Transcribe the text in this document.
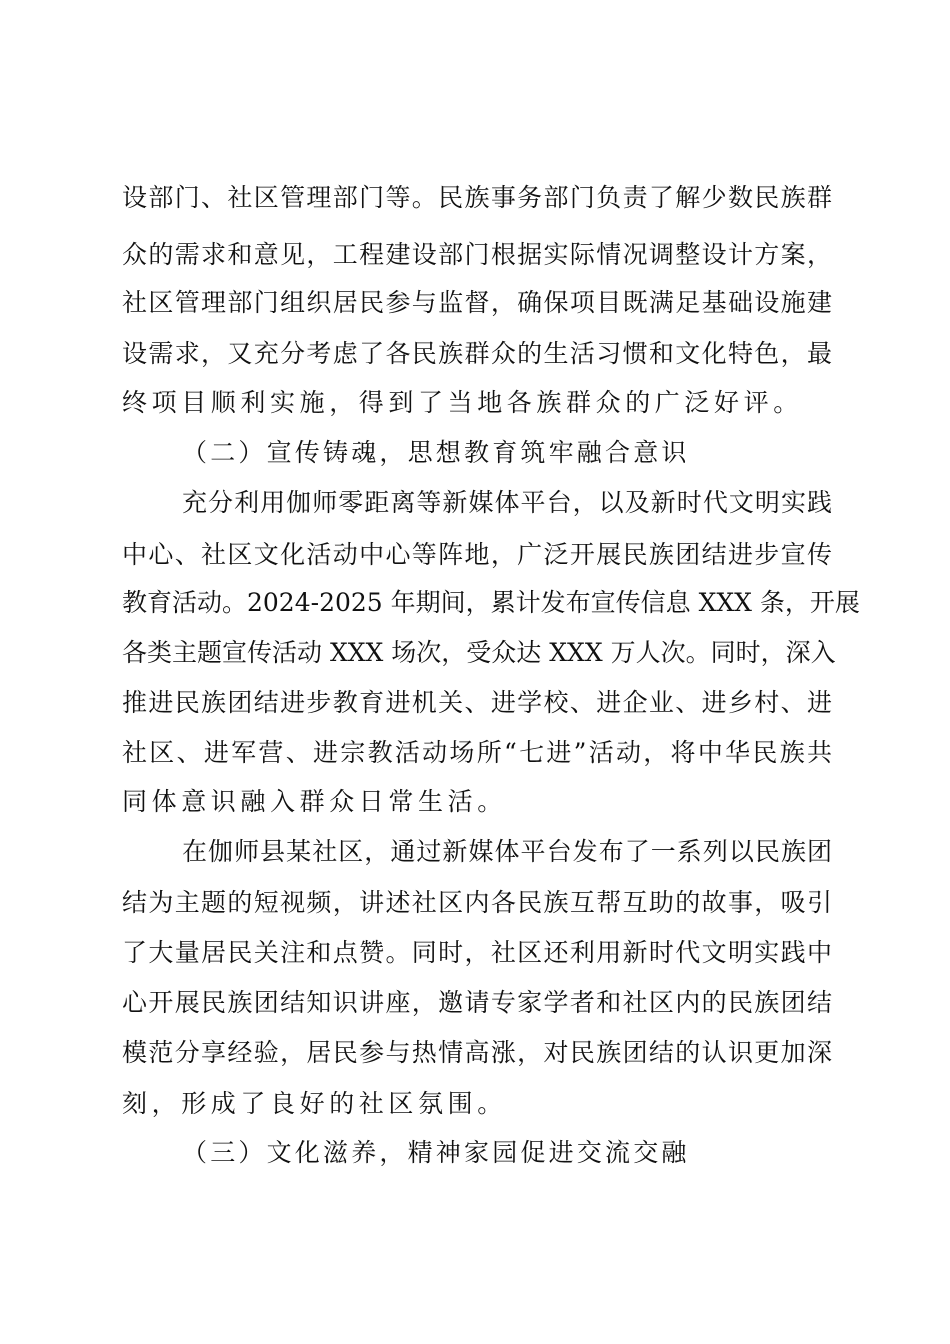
设部门、社区管理部门等。民族事务部门负责了解少数民族群
众的需求和意见，工程建设部门根据实际情况调整设计方案，
社区管理部门组织居民参与监督，确保项目既满足基础设施建
设需求，又充分考虑了各民族群众的生活习惯和文化特色，最
终项目顺利实施，得到了当地各族群众的广泛好评。
（二）宣传铸魂，思想教育筑牢融合意识
充分利用伽师零距离等新媒体平台，以及新时代文明实践
中心、社区文化活动中心等阵地，广泛开展民族团结进步宣传
教育活动。2024-2025 年期间，累计发布宣传信息 XXX 条，开展
各类主题宣传活动 XXX 场次，受众达 XXX 万人次。同时，深入
推进民族团结进步教育进机关、进学校、进企业、进乡村、进
社区、进军营、进宗教活动场所“七进”活动，将中华民族共
同体意识融入群众日常生活。
在伽师县某社区，通过新媒体平台发布了一系列以民族团
结为主题的短视频，讲述社区内各民族互帮互助的故事，吸引
了大量居民关注和点赞。同时，社区还利用新时代文明实践中
心开展民族团结知识讲座，邀请专家学者和社区内的民族团结
模范分享经验，居民参与热情高涨，对民族团结的认识更加深
刻，形成了良好的社区氛围。
（三）文化滋养，精神家园促进交流交融
